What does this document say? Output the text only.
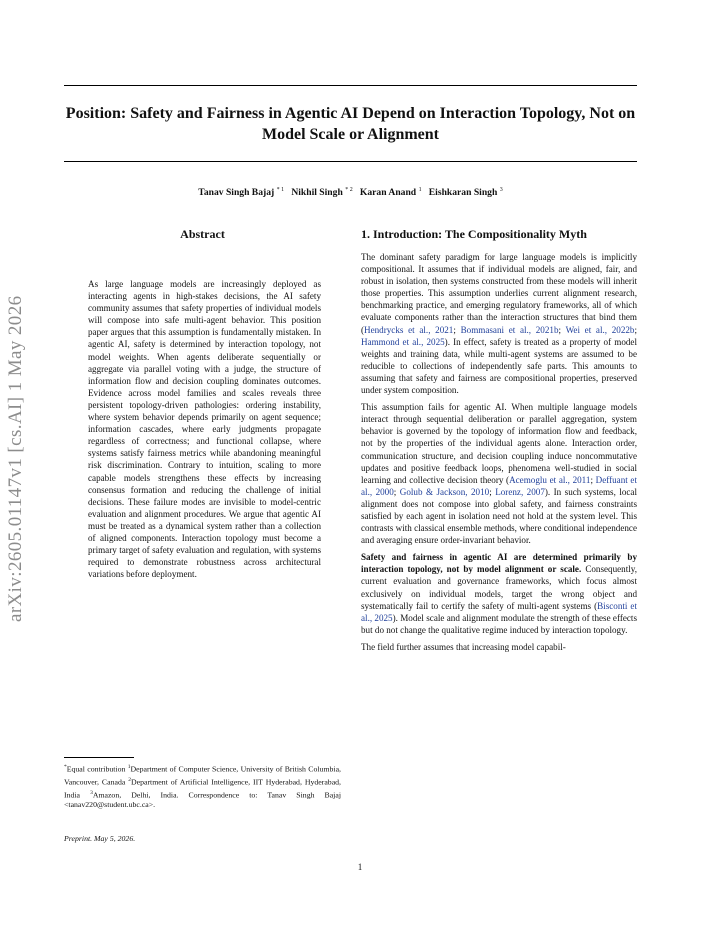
Position: Safety and Fairness in Agentic AI Depend on Interaction Topology, Not on Model Scale or Alignment
Tanav Singh Bajaj $^{* 1}$ Nikhil Singh $^{* 2}$ Karan Anand $^1$ Eishkaran Singh $^3$
arXiv:2605.01147v1 [cs.AI] 1 May 2026
Abstract
As large language models are increasingly deployed as interacting agents in high-stakes decisions, the AI safety community assumes that safety properties of individual models will compose into safe multi-agent behavior. This position paper argues that this assumption is fundamentally mistaken. In agentic AI, safety is determined by interaction topology, not model weights. When agents deliberate sequentially or aggregate via parallel voting with a judge, the structure of information flow and decision coupling dominates outcomes. Evidence across model families and scales reveals three persistent topology-driven pathologies: ordering instability, where system behavior depends primarily on agent sequence; information cascades, where early judgments propagate regardless of correctness; and functional collapse, where systems satisfy fairness metrics while abandoning meaningful risk discrimination. Contrary to intuition, scaling to more capable models strengthens these effects by increasing consensus formation and reducing the challenge of initial decisions. These failure modes are invisible to model-centric evaluation and alignment procedures. We argue that agentic AI must be treated as a dynamical system rather than a collection of aligned components. Interaction topology must become a primary target of safety evaluation and regulation, with systems required to demonstrate robustness across architectural variations before deployment.
*Equal contribution $^1$Department of Computer Science, University of British Columbia, Vancouver, Canada $^2$Department of Artificial Intelligence, IIT Hyderabad, Hyderabad, India $^3$Amazon, Delhi, India. Correspondence to: Tanav Singh Bajaj <tanav220@student.ubc.ca>.
Preprint. May 5, 2026.
1. Introduction: The Compositionality Myth

The dominant safety paradigm for large language models is implicitly compositional. It assumes that if individual models are aligned, fair, and robust in isolation, then systems constructed from these models will inherit those properties. This assumption underlies current alignment research, benchmarking practice, and emerging regulatory frameworks, all of which evaluate components rather than the interaction structures that bind them (Hendrycks et al., 2021; Bommasani et al., 2021b; Wei et al., 2022b; Hammond et al., 2025). In effect, safety is treated as a property of model weights and training data, while multi-agent systems are assumed to be reducible to collections of independently safe parts. This amounts to assuming that safety and fairness are compositional properties, preserved under system composition.

This assumption fails for agentic AI. When multiple language models interact through sequential deliberation or parallel aggregation, system behavior is governed by the topology of information flow and feedback, not by the properties of the individual agents alone. Interaction order, communication structure, and decision coupling induce noncommutative updates and positive feedback loops, phenomena well-studied in social learning and collective decision theory (Acemoglu et al., 2011; Deffuant et al., 2000; Golub & Jackson, 2010; Lorenz, 2007). In such systems, local alignment does not compose into global safety, and fairness constraints satisfied by each agent in isolation need not hold at the system level. This contrasts with classical ensemble methods, where conditional independence and averaging ensure order-invariant behavior.

Safety and fairness in agentic AI are determined primarily by interaction topology, not by model alignment or scale. Consequently, current evaluation and governance frameworks, which focus almost exclusively on individual models, target the wrong object and systematically fail to certify the safety of multi-agent systems (Bisconti et al., 2025). Model scale and alignment modulate the strength of these effects but do not change the qualitative regime induced by interaction topology.

The field further assumes that increasing model capabil-

1
